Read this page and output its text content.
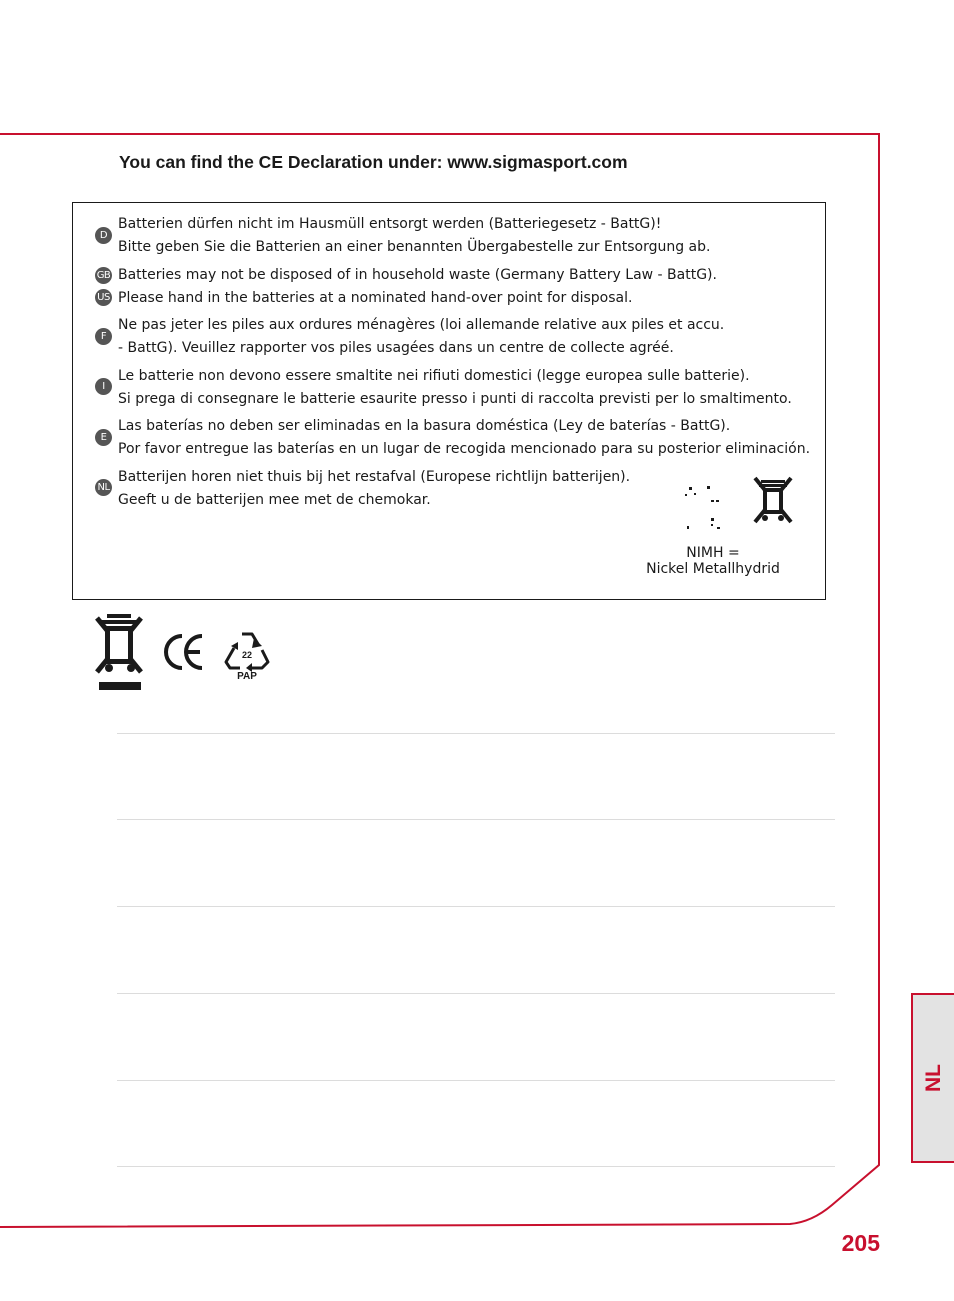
You can find the CE Declaration under: www.sigmasport.com
D
Batterien dürfen nicht im Hausmüll entsorgt werden (Batteriegesetz - BattG)!
Bitte geben Sie die Batterien an einer benannten Übergabestelle zur Entsorgung ab.
GB
US
Batteries may not be disposed of in household waste (Germany Battery Law - BattG).
Please hand in the batteries at a nominated hand-over point for disposal.
F
Ne pas jeter les piles aux ordures ménagères (loi allemande relative aux piles et accu.
- BattG). Veuillez rapporter vos piles usagées dans un centre de collecte agréé.
I
Le batterie non devono essere smaltite nei rifiuti domestici (legge europea sulle batterie).
Si prega di consegnare le batterie esaurite presso i punti di raccolta previsti per lo smaltimento.
E
Las baterías no deben ser eliminadas en la basura doméstica (Ley de baterías - BattG).
Por favor entregue las baterías en un lugar de recogida mencionado para su posterior eliminación.
NL
Batterijen horen niet thuis bij het restafval (Europese richtlijn batterijen).
Geeft u de batterijen mee met de chemokar.
NIMH =
Nickel Metallhydrid
22
PAP
NL
205
